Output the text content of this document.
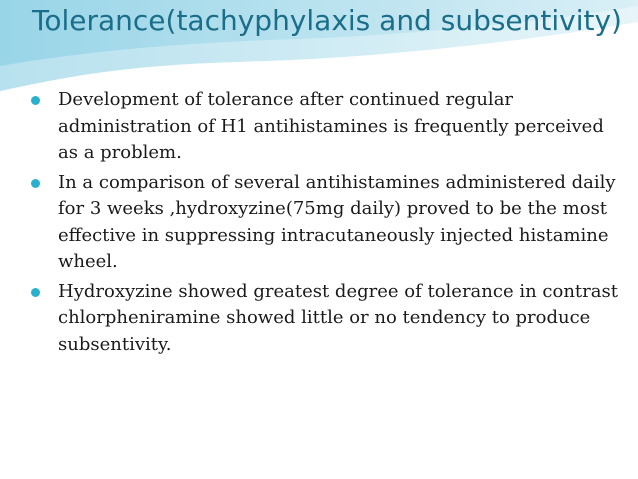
Tolerance(tachyphylaxis and subsentivity)
Development of tolerance after continued regular administration of H1 antihistamines is frequently perceived as a problem.
In a comparison of several antihistamines administered daily for 3 weeks ,hydroxyzine(75mg daily) proved to be the most effective in suppressing intracutaneously injected histamine wheel.
Hydroxyzine showed greatest degree of tolerance in contrast chlorpheniramine showed little or no tendency to produce subsentivity.
